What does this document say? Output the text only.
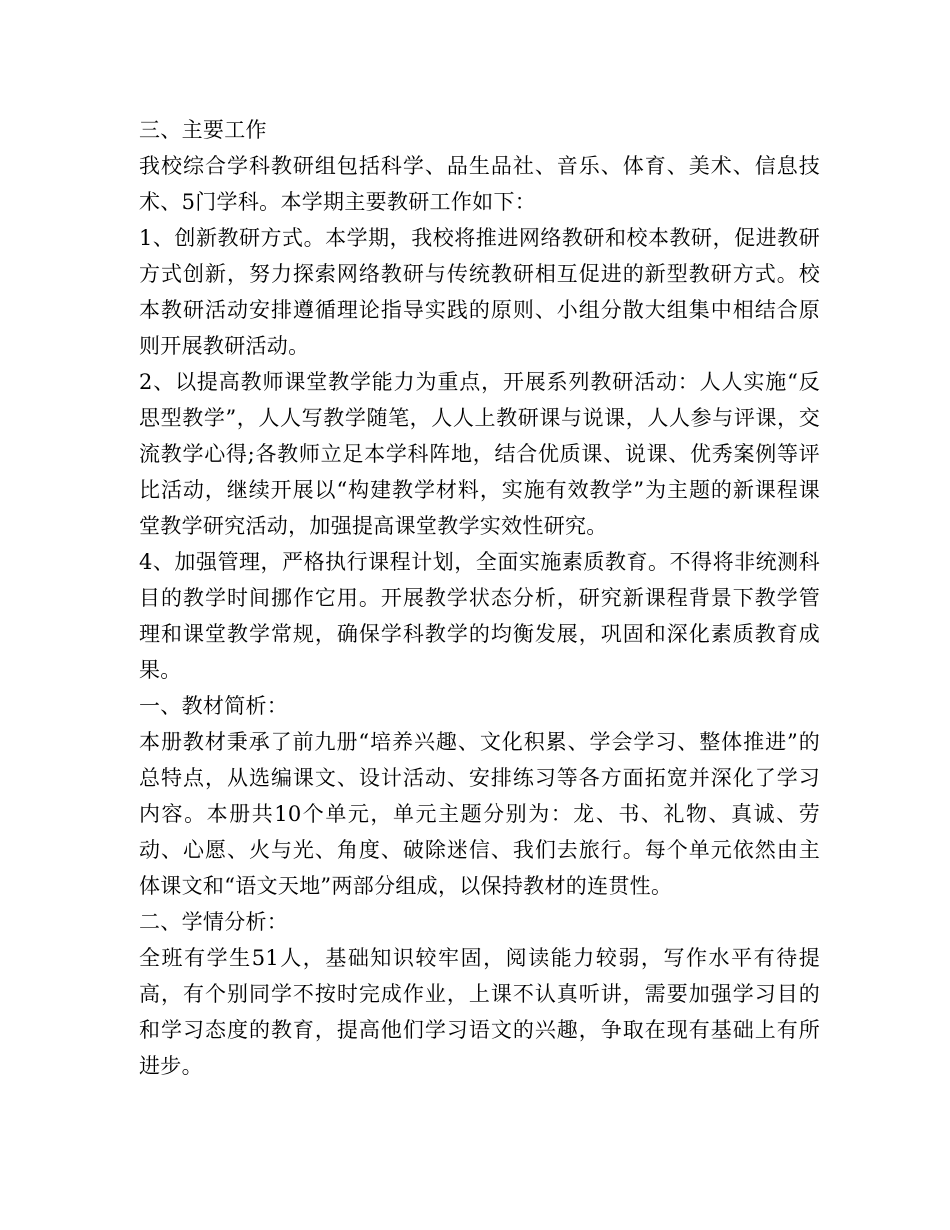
三、主要工作

我校综合学科教研组包括科学、品生品社、音乐、体育、美术、信息技术、5门学科。本学期主要教研工作如下：

1、创新教研方式。本学期，我校将推进网络教研和校本教研，促进教研方式创新，努力探索网络教研与传统教研相互促进的新型教研方式。校本教研活动安排遵循理论指导实践的原则、小组分散大组集中相结合原则开展教研活动。

2、以提高教师课堂教学能力为重点，开展系列教研活动：人人实施“反思型教学”，人人写教学随笔，人人上教研课与说课，人人参与评课，交流教学心得;各教师立足本学科阵地，结合优质课、说课、优秀案例等评比活动，继续开展以“构建教学材料，实施有效教学”为主题的新课程课堂教学研究活动，加强提高课堂教学实效性研究。

4、加强管理，严格执行课程计划，全面实施素质教育。不得将非统测科目的教学时间挪作它用。开展教学状态分析，研究新课程背景下教学管理和课堂教学常规，确保学科教学的均衡发展，巩固和深化素质教育成果。

一、教材简析：

本册教材秉承了前九册“培养兴趣、文化积累、学会学习、整体推进”的总特点，从选编课文、设计活动、安排练习等各方面拓宽并深化了学习内容。本册共10个单元，单元主题分别为：龙、书、礼物、真诚、劳动、心愿、火与光、角度、破除迷信、我们去旅行。每个单元依然由主体课文和“语文天地”两部分组成，以保持教材的连贯性。

二、学情分析：

全班有学生51人，基础知识较牢固，阅读能力较弱，写作水平有待提高，有个别同学不按时完成作业，上课不认真听讲，需要加强学习目的和学习态度的教育，提高他们学习语文的兴趣，争取在现有基础上有所进步。
